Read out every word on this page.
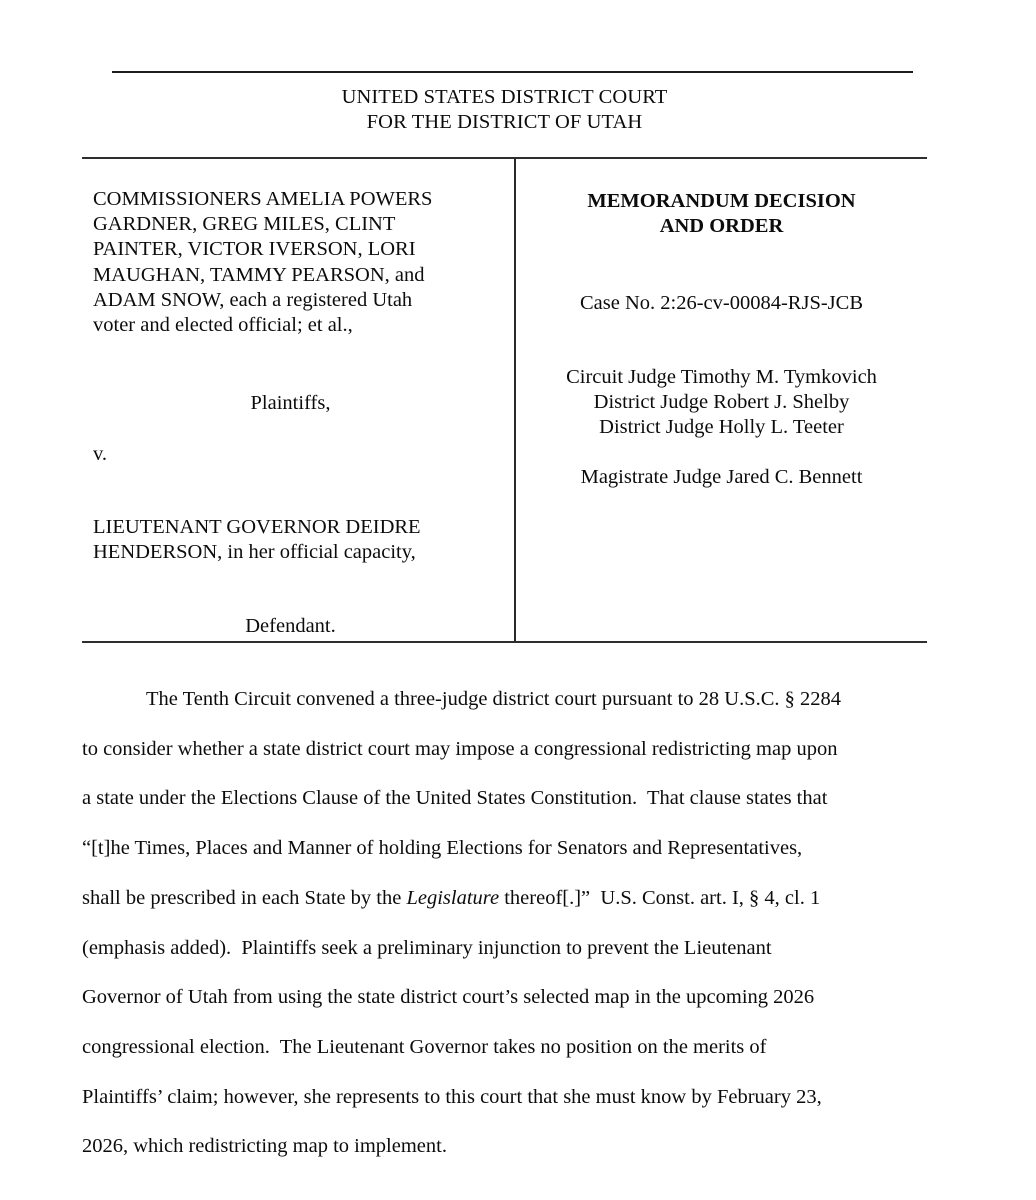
UNITED STATES DISTRICT COURT
FOR THE DISTRICT OF UTAH
COMMISSIONERS AMELIA POWERS
GARDNER, GREG MILES, CLINT
PAINTER, VICTOR IVERSON, LORI
MAUGHAN, TAMMY PEARSON, and
ADAM SNOW, each a registered Utah
voter and elected official; et al.,
Plaintiffs,
v.
LIEUTENANT GOVERNOR DEIDRE
HENDERSON, in her official capacity,
Defendant.
MEMORANDUM DECISION
AND ORDER
Case No. 2:26-cv-00084-RJS-JCB
Circuit Judge Timothy M. Tymkovich
District Judge Robert J. Shelby
District Judge Holly L. Teeter
Magistrate Judge Jared C. Bennett
The Tenth Circuit convened a three-judge district court pursuant to 28 U.S.C. § 2284
to consider whether a state district court may impose a congressional redistricting map upon
a state under the Elections Clause of the United States Constitution.  That clause states that
“[t]he Times, Places and Manner of holding Elections for Senators and Representatives,
shall be prescribed in each State by the Legislature thereof[.]”  U.S. Const. art. I, § 4, cl. 1
(emphasis added).  Plaintiffs seek a preliminary injunction to prevent the Lieutenant
Governor of Utah from using the state district court’s selected map in the upcoming 2026
congressional election.  The Lieutenant Governor takes no position on the merits of
Plaintiffs’ claim; however, she represents to this court that she must know by February 23,
2026, which redistricting map to implement.
